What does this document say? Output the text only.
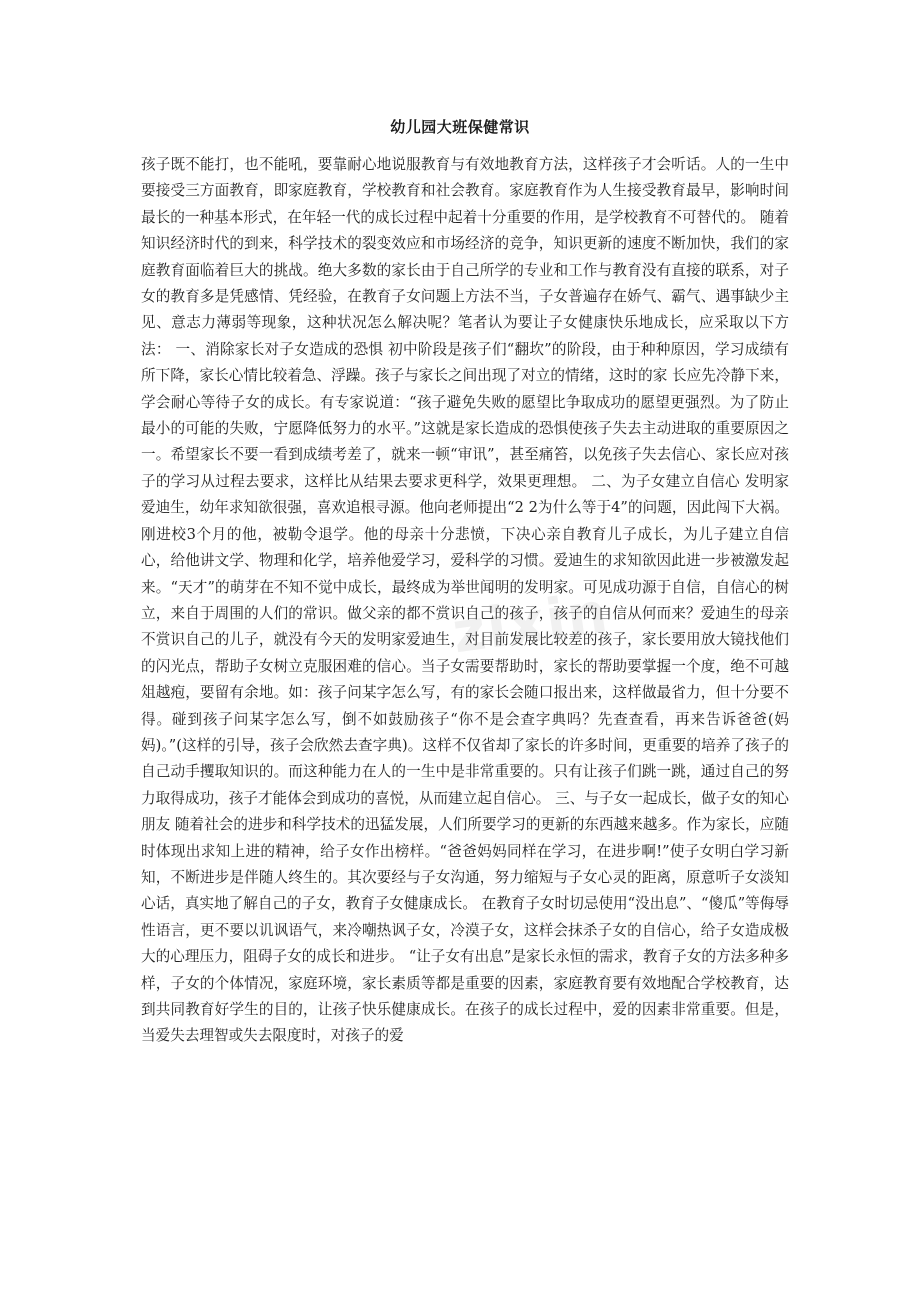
幼儿园大班保健常识

孩子既不能打，也不能吼，要靠耐心地说服教育与有效地教育方法，这样孩子才会听话。人的一生中要接受三方面教育，即家庭教育，学校教育和社会教育。家庭教育作为人生接受教育最早，影响时间最长的一种基本形式，在年轻一代的成长过程中起着十分重要的作用，是学校教育不可替代的。 随着知识经济时代的到来，科学技术的裂变效应和市场经济的竞争，知识更新的速度不断加快，我们的家庭教育面临着巨大的挑战。绝大多数的家长由于自己所学的专业和工作与教育没有直接的联系，对子女的教育多是凭感情、凭经验，在教育子女问题上方法不当，子女普遍存在娇气、霸气、遇事缺少主见、意志力薄弱等现象，这种状况怎么解决呢？笔者认为要让子女健康快乐地成长，应采取以下方法： 一、消除家长对子女造成的恐惧 初中阶段是孩子们“翻坎”的阶段，由于种种原因，学习成绩有所下降，家长心情比较着急、浮躁。孩子与家长之间出现了对立的情绪，这时的家 长应先冷静下来，学会耐心等待子女的成长。有专家说道：“孩子避免失败的愿望比争取成功的愿望更强烈。为了防止最小的可能的失败，宁愿降低努力的水平。”这就是家长造成的恐惧使孩子失去主动进取的重要原因之一。希望家长不要一看到成绩考差了，就来一顿“审讯”，甚至痛笞，以免孩子失去信心、家长应对孩子的学习从过程去要求，这样比从结果去要求更科学，效果更理想。 二、为子女建立自信心 发明家爱迪生，幼年求知欲很强，喜欢追根寻源。他向老师提出“2 2为什么等于4”的问题，因此闯下大祸。刚进校3个月的他，被勒令退学。他的母亲十分悲愤，下决心亲自教育儿子成长，为儿子建立自信心，给他讲文学、物理和化学，培养他爱学习，爱科学的习惯。爱迪生的求知欲因此进一步被激发起来。“天才”的萌芽在不知不觉中成长，最终成为举世闻明的发明家。可见成功源于自信，自信心的树立，来自于周围的人们的常识。做父亲的都不赏识自己的孩子，孩子的自信从何而来？爱迪生的母亲不赏识自己的儿子，就没有今天的发明家爱迪生，对目前发展比较差的孩子，家长要用放大镜找他们的闪光点，帮助子女树立克服困难的信心。当子女需要帮助时，家长的帮助要掌握一个度，绝不可越俎越疱，要留有余地。如：孩子问某字怎么写，有的家长会随口报出来，这样做最省力，但十分要不得。碰到孩子问某字怎么写，倒不如鼓励孩子“你不是会查字典吗？先查查看，再来告诉爸爸(妈妈)。”(这样的引导，孩子会欣然去查字典)。这样不仅省却了家长的许多时间，更重要的培养了孩子的自己动手攫取知识的。而这种能力在人的一生中是非常重要的。只有让孩子们跳一跳，通过自己的努力取得成功，孩子才能体会到成功的喜悦，从而建立起自信心。 三、与子女一起成长，做子女的知心朋友 随着社会的进步和科学技术的迅猛发展，人们所要学习的更新的东西越来越多。作为家长，应随时体现出求知上进的精神，给子女作出榜样。“爸爸妈妈同样在学习，在进步啊!”使子女明白学习新知，不断进步是伴随人终生的。其次要经与子女沟通，努力缩短与子女心灵的距离，原意听子女淡知心话，真实地了解自己的子女，教育子女健康成长。 在教育子女时切忌使用“没出息”、“傻瓜”等侮辱性语言，更不要以讥讽语气，来冷嘲热讽子女，冷漠子女，这样会抹杀子女的自信心，给子女造成极大的心理压力，阻碍子女的成长和进步。 “让子女有出息”是家长永恒的需求，教育子女的方法多种多样，子女的个体情况，家庭环境，家长素质等都是重要的因素，家庭教育要有效地配合学校教育，达到共同教育好学生的目的，让孩子快乐健康成长。在孩子的成长过程中，爱的因素非常重要。但是，当爱失去理智或失去限度时，对孩子的爱

zixin
